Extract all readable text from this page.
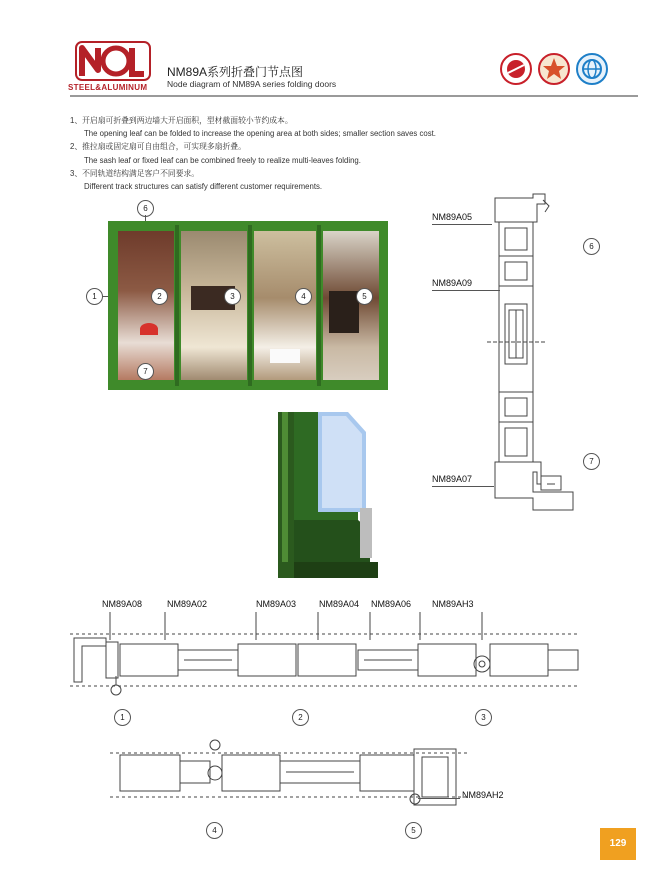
STEEL&ALUMINUM
NM89A系列折叠门节点图
Node diagram of NM89A series folding doors
1、开启扇可折叠到两边墙大开启面积，型材截面较小节约成本。
The opening leaf can be folded to increase the opening area at both sides; smaller section saves cost.
2、推拉扇或固定扇可自由组合，可实现多扇折叠。
The sash leaf or fixed leaf can be combined freely to realize multi-leaves folding.
3、不同轨道结构满足客户不同要求。
Different track structures can satisfy different customer requirements.
2	3	4	5
7
6
1
NM89A05
NM89A09
NM89A07
6
7
NM89A08	NM89A02	NM89A03	NM89A04 NM89A06 NM89AH3
1	2	3
NM89AH2
4	5
129
